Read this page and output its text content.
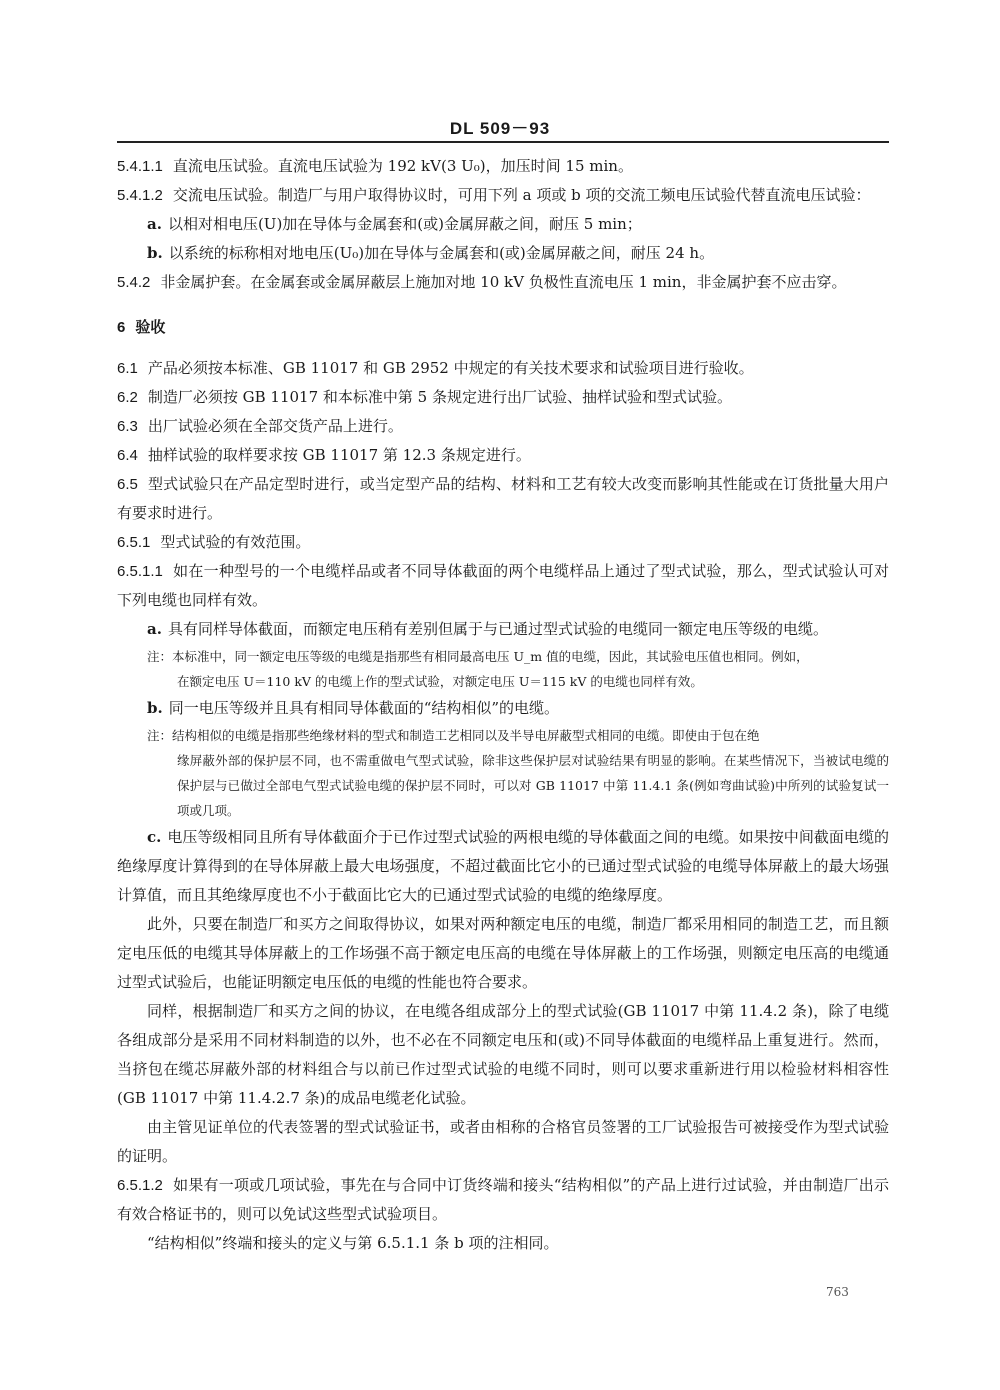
DL 509－93

5.4.1.1 直流电压试验。直流电压试验为 192 kV(3 U₀)，加压时间 15 min。

5.4.1.2 交流电压试验。制造厂与用户取得协议时，可用下列 a 项或 b 项的交流工频电压试验代替直流电压试验：

a. 以相对相电压(U)加在导体与金属套和(或)金属屏蔽之间，耐压 5 min；

b. 以系统的标称相对地电压(U₀)加在导体与金属套和(或)金属屏蔽之间，耐压 24 h。

5.4.2 非金属护套。在金属套或金属屏蔽层上施加对地 10 kV 负极性直流电压 1 min，非金属护套不应击穿。

6 验收

6.1 产品必须按本标准、GB 11017 和 GB 2952 中规定的有关技术要求和试验项目进行验收。

6.2 制造厂必须按 GB 11017 和本标准中第 5 条规定进行出厂试验、抽样试验和型式试验。

6.3 出厂试验必须在全部交货产品上进行。

6.4 抽样试验的取样要求按 GB 11017 第 12.3 条规定进行。

6.5 型式试验只在产品定型时进行，或当定型产品的结构、材料和工艺有较大改变而影响其性能或在订货批量大用户有要求时进行。

6.5.1 型式试验的有效范围。

6.5.1.1 如在一种型号的一个电缆样品或者不同导体截面的两个电缆样品上通过了型式试验，那么，型式试验认可对下列电缆也同样有效。

a. 具有同样导体截面，而额定电压稍有差别但属于与已通过型式试验的电缆同一额定电压等级的电缆。

注：本标准中，同一额定电压等级的电缆是指那些有相同最高电压 U_m 值的电缆，因此，其试验电压值也相同。例如，
在额定电压 U＝110 kV 的电缆上作的型式试验，对额定电压 U＝115 kV 的电缆也同样有效。

b. 同一电压等级并且具有相同导体截面的“结构相似”的电缆。

注：结构相似的电缆是指那些绝缘材料的型式和制造工艺相同以及半导电屏蔽型式相同的电缆。即使由于包在绝
缘屏蔽外部的保护层不同，也不需重做电气型式试验，除非这些保护层对试验结果有明显的影响。在某些情况下，当被试电缆的保护层与已做过全部电气型式试验电缆的保护层不同时，可以对 GB 11017 中第 11.4.1 条(例如弯曲试验)中所列的试验复试一项或几项。

c. 电压等级相同且所有导体截面介于已作过型式试验的两根电缆的导体截面之间的电缆。如果按中间截面电缆的绝缘厚度计算得到的在导体屏蔽上最大电场强度，不超过截面比它小的已通过型式试验的电缆导体屏蔽上的最大场强计算值，而且其绝缘厚度也不小于截面比它大的已通过型式试验的电缆的绝缘厚度。

此外，只要在制造厂和买方之间取得协议，如果对两种额定电压的电缆，制造厂都采用相同的制造工艺，而且额定电压低的电缆其导体屏蔽上的工作场强不高于额定电压高的电缆在导体屏蔽上的工作场强，则额定电压高的电缆通过型式试验后，也能证明额定电压低的电缆的性能也符合要求。

同样，根据制造厂和买方之间的协议，在电缆各组成部分上的型式试验(GB 11017 中第 11.4.2 条)，除了电缆各组成部分是采用不同材料制造的以外，也不必在不同额定电压和(或)不同导体截面的电缆样品上重复进行。然而，当挤包在缆芯屏蔽外部的材料组合与以前已作过型式试验的电缆不同时，则可以要求重新进行用以检验材料相容性(GB 11017 中第 11.4.2.7 条)的成品电缆老化试验。

由主管见证单位的代表签署的型式试验证书，或者由相称的合格官员签署的工厂试验报告可被接受作为型式试验的证明。

6.5.1.2 如果有一项或几项试验，事先在与合同中订货终端和接头“结构相似”的产品上进行过试验，并由制造厂出示有效合格证书的，则可以免试这些型式试验项目。

“结构相似”终端和接头的定义与第 6.5.1.1 条 b 项的注相同。

763
